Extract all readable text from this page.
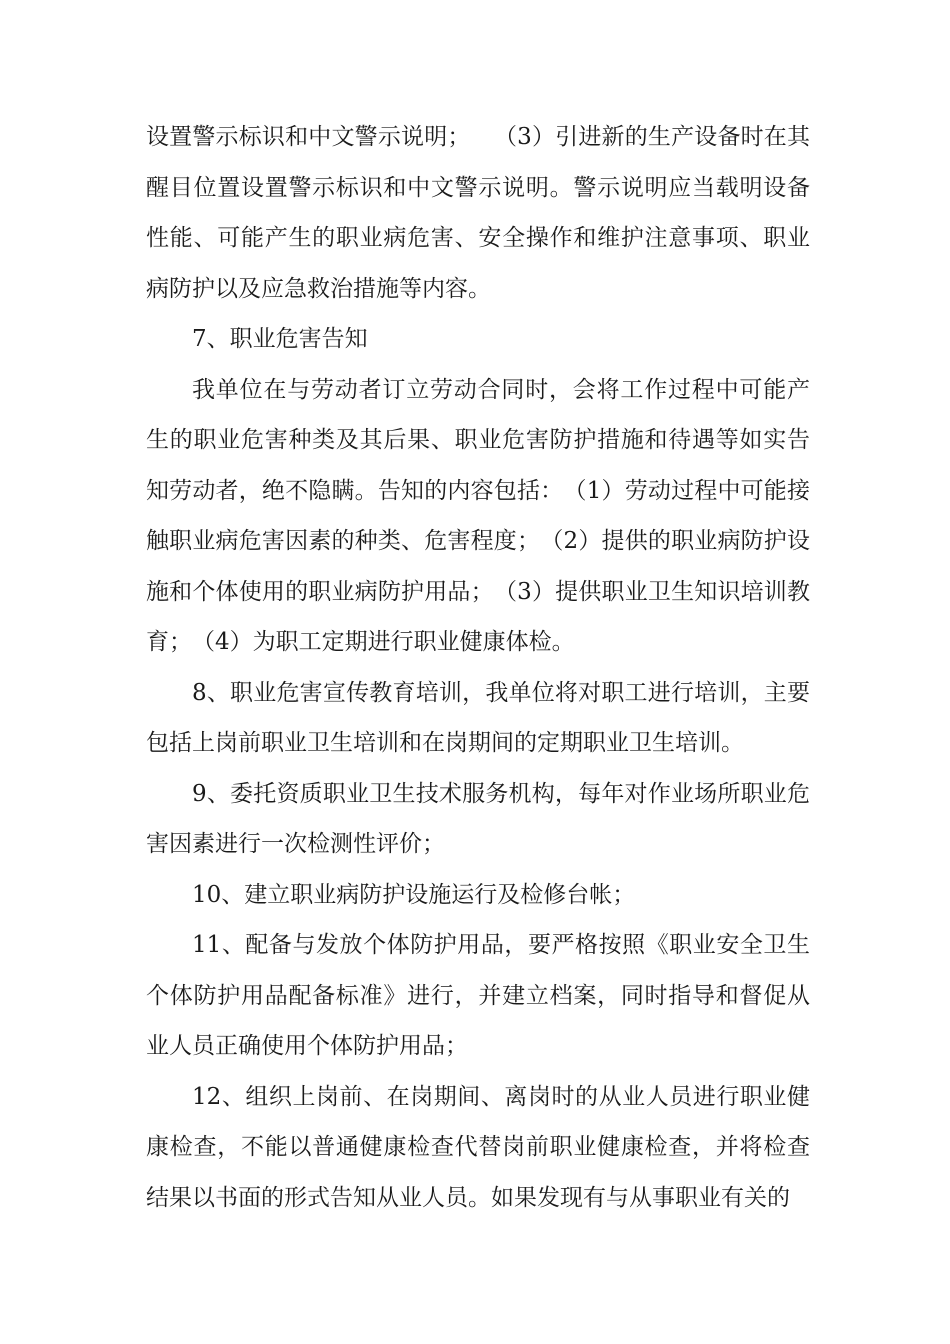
设置警示标识和中文警示说明；　　（3）引进新的生产设备时在其醒目位置设置警示标识和中文警示说明。警示说明应当载明设备性能、可能产生的职业病危害、安全操作和维护注意事项、职业病防护以及应急救治措施等内容。

7、职业危害告知

我单位在与劳动者订立劳动合同时，会将工作过程中可能产生的职业危害种类及其后果、职业危害防护措施和待遇等如实告知劳动者，绝不隐瞒。告知的内容包括：　（1）劳动过程中可能接触职业病危害因素的种类、危害程度；　（2）提供的职业病防护设施和个体使用的职业病防护用品；　（3）提供职业卫生知识培训教育；　（4）为职工定期进行职业健康体检。

8、职业危害宣传教育培训，我单位将对职工进行培训，主要包括上岗前职业卫生培训和在岗期间的定期职业卫生培训。

9、委托资质职业卫生技术服务机构，每年对作业场所职业危害因素进行一次检测性评价；

10、建立职业病防护设施运行及检修台帐；

11、配备与发放个体防护用品，要严格按照《职业安全卫生个体防护用品配备标准》进行，并建立档案，同时指导和督促从业人员正确使用个体防护用品；

12、组织上岗前、在岗期间、离岗时的从业人员进行职业健康检查，不能以普通健康检查代替岗前职业健康检查，并将检查结果以书面的形式告知从业人员。如果发现有与从事职业有关的
